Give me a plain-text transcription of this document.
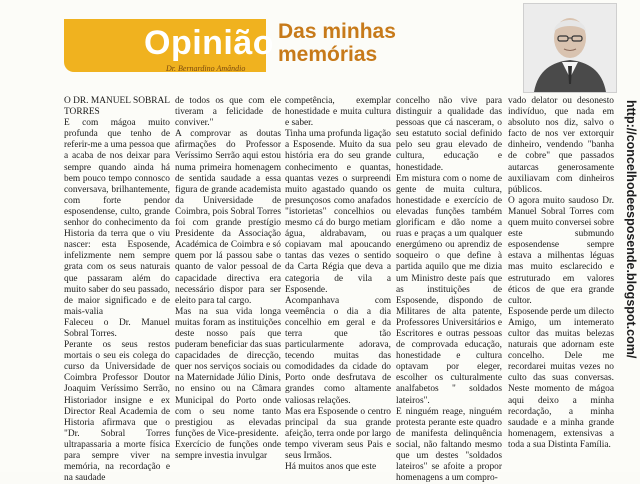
Opinião
Dr. Bernardino Amândio
Das minhas
memórias

O DR. MANUEL SOBRAL TORRES

E com mágoa muito profunda que tenho de referir-me a uma pessoa que a acaba de nos deixar para sempre quando ainda há bem pouco tempo connosco conversava, brilhantemente, com forte pendor esposendense, culto, grande senhor do conhecimento da Historia da terra que o viu nascer: esta Esposende, infelizmente nem sempre grata com os seus naturais que passaram além do muito saber do seu passado, de maior significado e de mais-valia

Faleceu o Dr. Manuel Sobral Torres.

Perante os seus restos mortais o seu eis colega do curso da Universidade de Coimbra Professor Doutor Joaquim Veríssimo Serrão, Historiador insigne e ex Director Real Academia de Historia afirmava que o "Dr. Sobral Torres ultrapassaria a morte física para sempre viver na memória, na recordação e na saudade

de todos os que com ele tiveram a felicidade de conviver."

A comprovar as doutas afirmações do Professor Veríssimo Serrão aqui estou numa primeira homenagem de sentida saudade a essa figura de grande academista da Universidade de Coimbra, pois Sobral Torres foi com grande prestígio Presidente da Associação Académica de Coimbra e só quem por lá passou sabe o quanto de valor pessoal de capacidade directiva era necessário dispor para ser eleito para tal cargo.

Mas na sua vida longa muitas foram as instituições deste nosso país que puderam beneficiar das suas capacidades de direcção, quer nos serviços sociais ou na Maternidade Júlio Dinis, no ensino ou na Câmara Municipal do Porto onde com o seu nome tanto prestigiou as elevadas funções de Vice-presidente.

Exercício de funções onde sempre investia invulgar

competência, exemplar honestidade e muita cultura e saber.

Tinha uma profunda ligação a Esposende. Muito da sua história era do seu grande conhecimento e quantas, quantas vezes o surpreendi muito agastado quando os presunçosos como anafados "istorietas" concelhios ou mesmo cá do burgo metiam água, aldrabavam, ou copiavam mal apoucando tantas das vezes o sentido da Carta Régia que deva a categoria de vila a Esposende.

Acompanhava com veemência o dia a dia concelhio em geral e da terra que tão particularmente adorava, tecendo muitas das comodidades da cidade do Porto onde desfrutava de grandes como altamente valiosas relações.

Mas era Esposende o centro principal da sua grande afeição, terra onde por largo tempo viveram seus Pais e seus Irmãos.

Há muitos anos que este

concelho não vive para distinguir a qualidade das pessoas que cá nasceram, o seu estatuto social definido pelo seu grau elevado de cultura, educação e honestidade.

Em mistura com o nome de gente de muita cultura, honestidade e exercício de elevadas funções também glorificam e dão nome a ruas e praças a um qualquer energúmeno ou aprendiz de soqueiro o que define à partida aquilo que me dizia um Ministro deste país que as instituições de Esposende, dispondo de Militares de alta patente, Professores Universitários e Escritores e outras pessoas de comprovada educação, honestidade e cultura optavam por eleger, escolher os culturalmente analfabetos " soldados lateiros".

E ninguém reage, ninguém protesta perante este quadro de manifesta delinquência social, não faltando mesmo que um destes "soldados lateiros" se afoite a propor homenagens a um compro-

vado delator ou desonesto indivíduo, que nada em absoluto nos diz, salvo o facto de nos ver extorquir dinheiro, vendendo "banha de cobre" que passados autarcas generosamente auxiliavam com dinheiros públicos.

O agora muito saudoso Dr. Manuel Sobral Torres com quem muito conversei sobre este submundo esposendense sempre estava a milhentas léguas mas muito esclarecido e estruturado em valores éticos de que era grande cultor.

Esposende perde um dilecto Amigo, um intemerato cultor das muitas belezas naturais que adornam este concelho. Dele me recordarei muitas vezes no culto das suas conversas. Neste momento de mágoa aqui deixo a minha recordação, a minha saudade e a minha grande homenagem, extensivas a toda a sua Distinta Família.

http://concelhodeesposende.blogspot.com/
